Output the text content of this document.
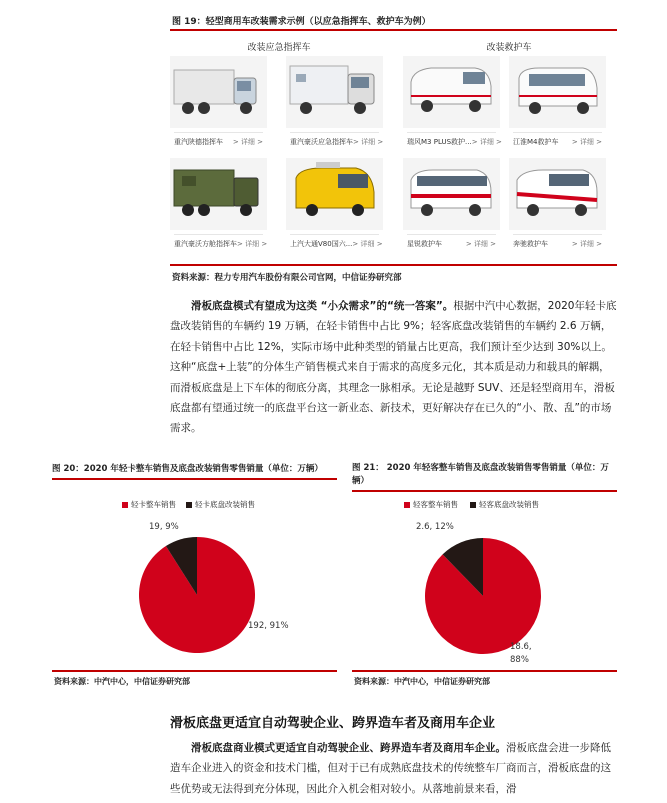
图 19：轻型商用车改装需求示例（以应急指挥车、救护车为例）
改装应急指挥车	改装救护车
重汽陕德指挥车 > 详细 >	重汽豪沃应急指挥车 > 详细 >	瑞风M3 PLUS救护... > 详细 > 江淮M4救护车 > 详细 >
重汽豪沃方舱指挥车 > 详细 >	上汽大通V80国六... > 详细 >	星锐救护车	> 详细 > 奔驰救护车	> 详细 >
资料来源：程力专用汽车股份有限公司官网，中信证券研究部
滑板底盘模式有望成为这类 “小众需求”的“统一答案”。根据中汽中心数据，2020年轻卡底盘改装销售的车辆约 19 万辆，在轻卡销售中占比 9%；轻客底盘改装销售的车辆约 2.6 万辆，在轻卡销售中占比 12%，实际市场中此种类型的销量占比更高，我们预计至少达到 30%以上。这种“底盘+上装”的分体生产销售模式来自于需求的高度多元化，其本质是动力和载具的解耦，而滑板底盘是上下车体的彻底分离，其理念一脉相承。无论是越野 SUV、还是轻型商用车，滑板底盘都有望通过统一的底盘平台这一新业态、新技术，更好解决存在已久的“小、散、乱”的市场需求。
图 20：2020 年轻卡整车销售及底盘改装销售零售销量（单位：万辆）
轻卡整车销售	轻卡底盘改装销售
19, 9%
192, 91%
资料来源：中汽中心，中信证券研究部
图 21： 2020 年轻客整车销售及底盘改装销售零售销量（单位：万辆）
轻客整车销售	轻客底盘改装销售
2.6, 12%
18.6, 88%
资料来源：中汽中心，中信证券研究部
滑板底盘更适宜自动驾驶企业、跨界造车者及商用车企业
滑板底盘商业模式更适宜自动驾驶企业、跨界造车者及商用车企业。滑板底盘会进一步降低造车企业进入的资金和技术门槛，但对于已有成熟底盘技术的传统整车厂商而言，滑板底盘的这些优势或无法得到充分体现，因此介入机会相对较小。从落地前景来看，滑
